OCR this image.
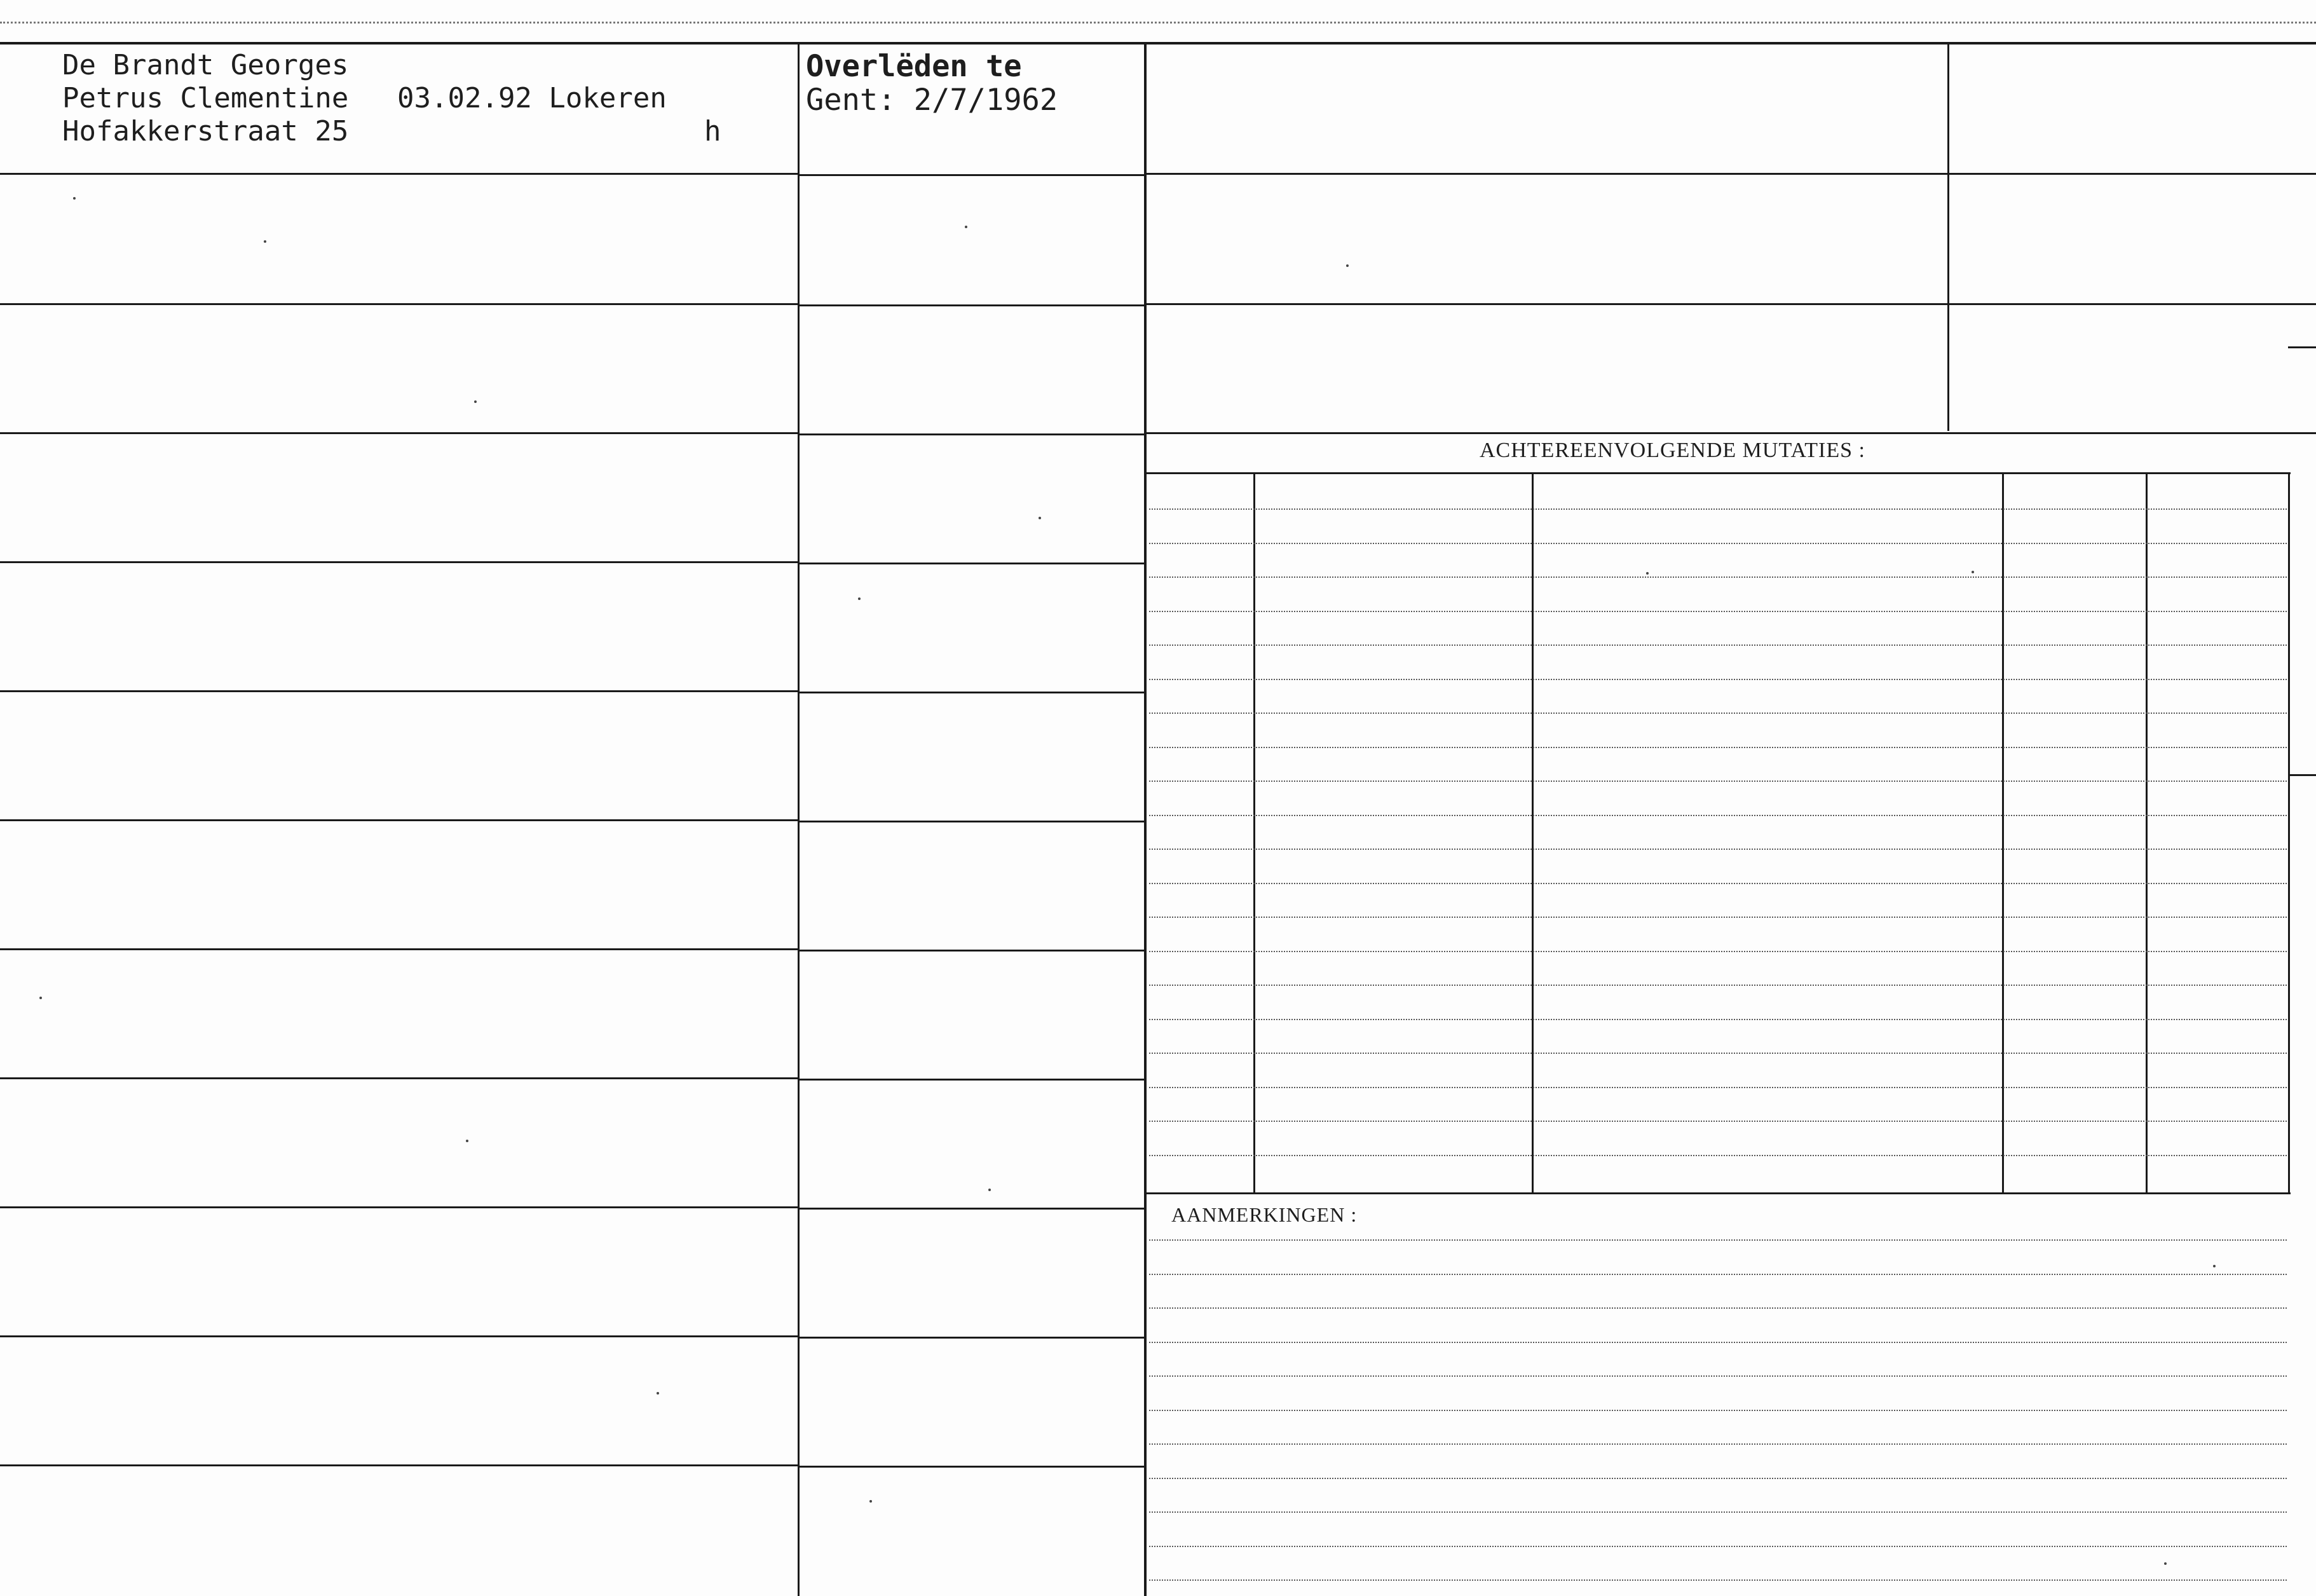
De Brandt Georges
Petrus Clementine
Hofakkerstraat 25
03.02.92 Lokeren
h
Overlëden te
Gent: 2/7/1962
ACHTEREENVOLGENDE MUTATIES :
AANMERKINGEN :
